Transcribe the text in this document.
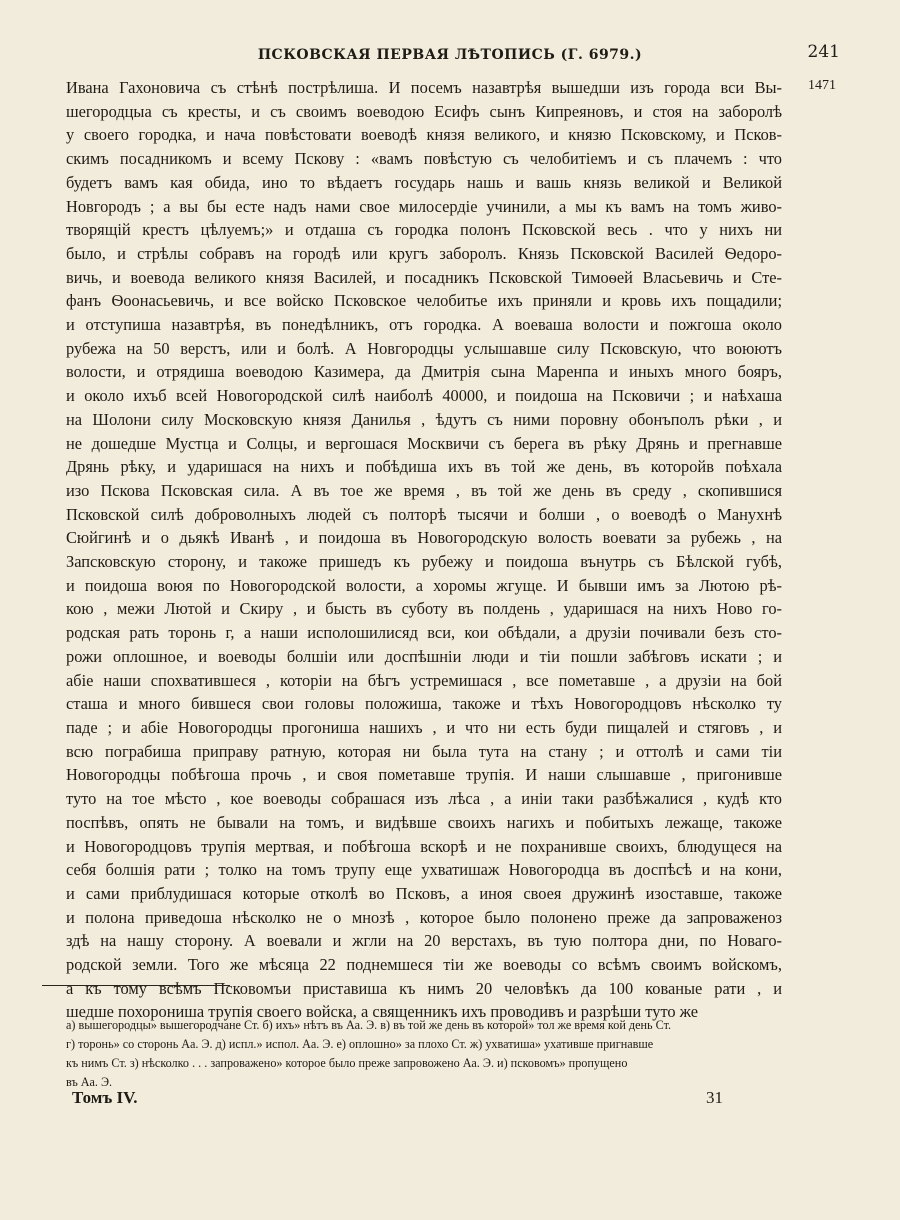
ПСКОВСКАЯ ПЕРВАЯ ЛѢТОПИСЬ (Г. 6979.)	241
1471
Ивана Гахоновича съ стѣнѣ пострѣлиша. И посемъ назавтрѣя вышедши изъ города вси Вы-
шегородцыа съ кресты, и съ своимъ воеводою Есифъ сынъ Кипреяновъ, и стоя на заборолѣ
у своего городка, и нача повѣстовати воеводѣ князя великого, и князю Псковскому, и Псков-
скимъ посадникомъ и всему Пскову : «вамъ повѣстую съ челобитіемъ и съ плачемъ : что
будетъ вамъ кая обида, ино то вѣдаетъ государь нашь и вашь князь великой и Великой
Новгородъ ; а вы бы есте надъ нами свое милосердіе учинили, а мы къ вамъ на томъ живо-
творящій крестъ цѣлуемъ;» и отдаша съ городка полонъ Псковской весь . что у нихъ ни
было, и стрѣлы собравъ на городѣ или кругъ заборолъ. Князь Псковской Василей Ѳедоро-
вичь, и воевода великого князя Василей, и посадникъ Псковской Тимоѳей Власьевичь и Сте-
фанъ Ѳоонасьевичь, и все войско Псковское челобитье ихъ приняли и кровь ихъ пощадили;
и отступиша назавтрѣя, въ понедѣлникъ, отъ городка. А воеваша волости и пожгоша около
рубежа на 50 верстъ, или и болѣ. А Новгородцы услышавше силу Псковскую, что воюютъ
волости, и отрядиша воеводою Казимера, да Дмитрія сына Маренпа и иныхъ много бояръ,
и около ихъб всей Новогородской силѣ наиболѣ 40000, и поидоша на Псковичи ; и наѣхаша
на Шолони силу Московскую князя Данилья , ѣдутъ съ ними поровну обонъполъ рѣки , и
не дошедше Мустца и Солцы, и вергошася Москвичи съ берега въ рѣку Дрянь и прегнавше
Дрянь рѣку, и ударишася на нихъ и побѣдиша ихъ въ той же день, въ которойв поѣхала
изо Пскова Псковская сила. А въ тое же время , въ той же день въ среду , скопившися
Псковской силѣ доброволныхъ людей съ полторѣ тысячи и болши , о воеводѣ о Манухнѣ
Сюйгинѣ и о дьякѣ Иванѣ , и поидоша въ Новогородскую волость воевати за рубежь , на
Запсковскую сторону, и такоже пришедъ къ рубежу и поидоша вънутрь съ Бѣлской губѣ,
и поидоша воюя по Новогородской волости, а хоромы жгуще. И бывши имъ за Лютою рѣ-
кою , межи Лютой и Скиру , и бысть въ суботу въ полдень , ударишася на нихъ Ново го-
родская рать торонь г, а наши исполошилисяд вси, кои обѣдали, а друзіи почивали безъ сто-
рожи оплошное, и воеводы болшіи или доспѣшніи люди и тіи пошли забѣговъ искати ; и
абіе наши спохватившеся , которіи на бѣгъ устремишася , все пометавше , а друзіи на бой
сташа и много бившеся свои головы положиша, такоже и тѣхъ Новогородцовъ нѣсколко ту
паде ; и абіе Новогородцы прогониша нашихъ , и что ни есть буди пищалей и стяговъ , и
всю пограбиша приправу ратную, которая ни была тута на стану ; и оттолѣ и сами тіи
Новогородцы побѣгоша прочь , и своя пометавше трупія. И наши слышавше , пригонивше
туто на тое мѣсто , кое воеводы собрашася изъ лѣса , а иніи таки разбѣжалися , кудѣ кто
поспѣвъ, опять не бывали на томъ, и видѣвше своихъ нагихъ и побитыхъ лежаще, такоже
и Новогородцовъ трупія мертвая, и побѣгоша вскорѣ и не похранивше своихъ, блюдущеся на
себя болшія рати ; толко на томъ трупу еще ухватишаж Новогородца въ доспѣсѣ и на кони,
и сами приблудишася которые отколѣ во Псковъ, а иноя своея дружинѣ изоставше, такоже
и полона приведоша нѣсколко не о мнозѣ , которое было полонено преже да запроваженоз
здѣ на нашу сторону. А воевали и жгли на 20 верстахъ, въ тую полтора дни, по Новаго-
родской земли. Того же мѣсяца 22 поднемшеся тіи же воеводы со всѣмъ своимъ войскомъ,
а къ тому всѣмъ Псковомъи приставиша къ нимъ 20 человѣкъ да 100 кованые рати , и
шедше похорониша трупія своего войска, а священникъ ихъ проводивъ и разрѣши туто же
а) вышегородцы» вышегородчане Ст. б) ихъ» нѣтъ въ Аа. Э. в) въ той же день въ которой» тол же время кой день Ст.
г) торонь» со сторонь Аа. Э. д) испл.» испол. Аа. Э. е) оплошно» за плохо Ст. ж) ухватиша» ухативше пригнавше
къ нимъ Ст. з) нѣсколко . . . запроважено» которое было преже запровожено Аа. Э. и) псковомъ» пропущено
въ Аа. Э.
Томъ IV.	31
